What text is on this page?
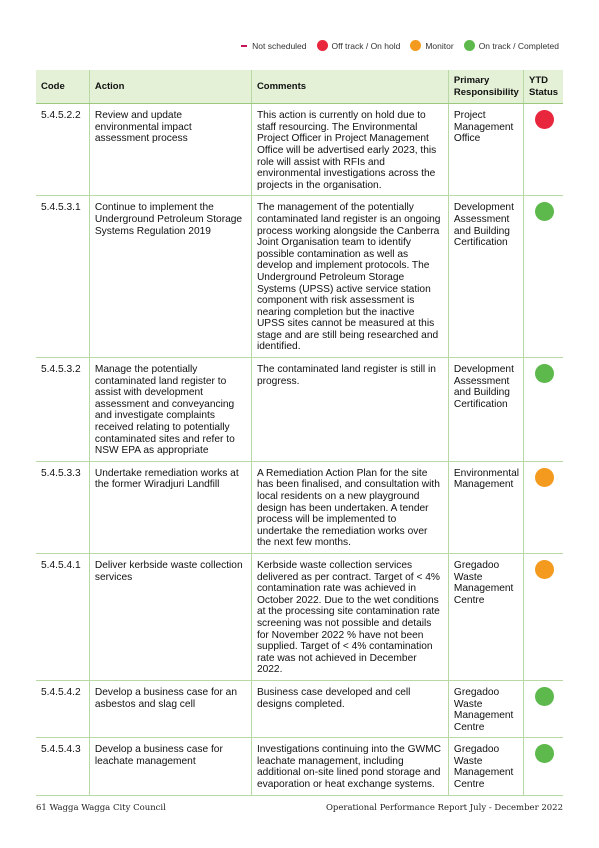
Not scheduled	Off track / On hold	Monitor	On track / Completed
Code	Action	Comments	Primary Responsibility	YTD Status
5.4.5.2.2	Review and update environmental impact assessment process	This action is currently on hold due to staff resourcing. The Environmental Project Officer in Project Management Office will be advertised early 2023, this role will assist with RFIs and environmental investigations across the projects in the organisation.	Project Management Office	

5.4.5.3.1	Continue to implement the Underground Petroleum Storage Systems Regulation 2019	The management of the potentially contaminated land register is an ongoing process working alongside the Canberra Joint Organisation team to identify possible contamination as well as develop and implement protocols. The Underground Petroleum Storage Systems (UPSS) active service station component with risk assessment is nearing completion but the inactive UPSS sites cannot be measured at this stage and are still being researched and identified.	Development Assessment and Building Certification	

5.4.5.3.2	Manage the potentially contaminated land register to assist with development assessment and conveyancing and investigate complaints received relating to potentially contaminated sites and refer to NSW EPA as appropriate	The contaminated land register is still in progress.	Development Assessment and Building Certification	

5.4.5.3.3	Undertake remediation works at the former Wiradjuri Landfill	A Remediation Action Plan for the site has been finalised, and consultation with local residents on a new playground design has been undertaken. A tender process will be implemented to undertake the remediation works over the next few months.	Environmental Management	

5.4.5.4.1	Deliver kerbside waste collection services	Kerbside waste collection services delivered as per contract. Target of < 4% contamination rate was achieved in October 2022. Due to the wet conditions at the processing site contamination rate screening was not possible and details for November 2022 % have not been supplied. Target of < 4% contamination rate was not achieved in December 2022.	Gregadoo Waste Management Centre	

5.4.5.4.2	Develop a business case for an asbestos and slag cell	Business case developed and cell designs completed.	Gregadoo Waste Management Centre	

5.4.5.4.3	Develop a business case for leachate management	Investigations continuing into the GWMC leachate management, including additional on-site lined pond storage and evaporation or heat exchange systems.	Gregadoo Waste Management Centre	
61 Wagga Wagga City Council	Operational Performance Report July - December 2022
